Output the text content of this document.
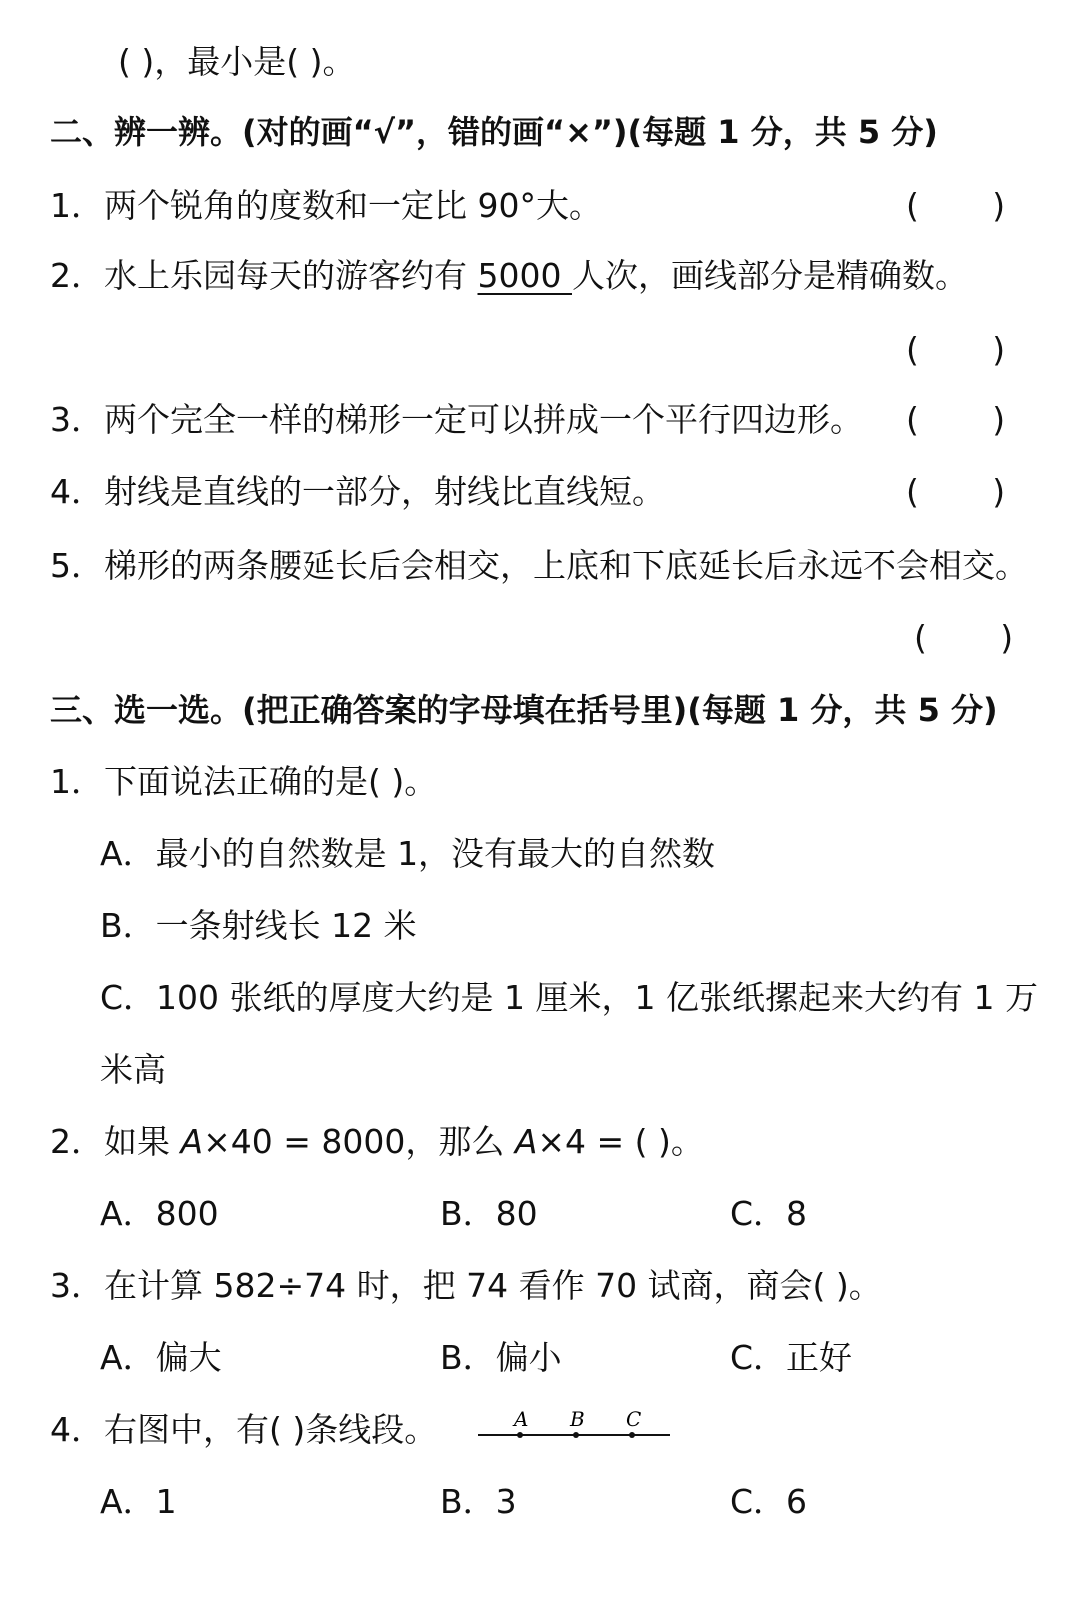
( )，最小是( )。
二、辨一辨。(对的画“√”，错的画“×”)(每题 1 分，共 5 分)
1．两个锐角的度数和一定比 90°大。	(       )
2．水上乐园每天的游客约有 5000 人次，画线部分是精确数。
(       )
3．两个完全一样的梯形一定可以拼成一个平行四边形。 (       )
4．射线是直线的一部分，射线比直线短。	(       )
5．梯形的两条腰延长后会相交，上底和下底延长后永远不会相交。
(       )
三、选一选。(把正确答案的字母填在括号里)(每题 1 分，共 5 分)
1．下面说法正确的是( )。
A．最小的自然数是 1，没有最大的自然数
B．一条射线长 12 米
C．100 张纸的厚度大约是 1 厘米，1 亿张纸摞起来大约有 1 万
米高
2．如果 A×40 = 8000，那么 A×4 = ( )。
A．800	B．80	C．8
3．在计算 582÷74 时，把 74 看作 70 试商，商会( )。
A．偏大	B．偏小	C．正好
4．右图中，有( )条线段。	A B C
A．1	B．3	C．6
